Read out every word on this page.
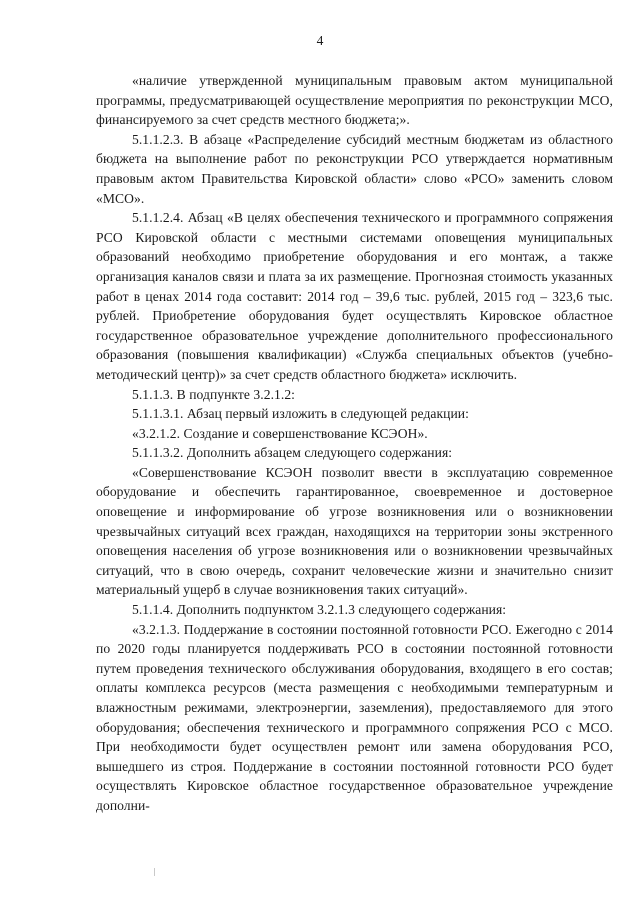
4

«наличие утвержденной муниципальным правовым актом муниципальной программы, предусматривающей осуществление мероприятия по реконструкции МСО, финансируемого за счет средств местного бюджета;».

5.1.1.2.3. В абзаце «Распределение субсидий местным бюджетам из областного бюджета на выполнение работ по реконструкции РСО утверждается нормативным правовым актом Правительства Кировской области» слово «РСО» заменить словом «МСО».

5.1.1.2.4. Абзац «В целях обеспечения технического и программного сопряжения РСО Кировской области с местными системами оповещения муниципальных образований необходимо приобретение оборудования и его монтаж, а также организация каналов связи и плата за их размещение. Прогнозная стоимость указанных работ в ценах 2014 года составит: 2014 год – 39,6 тыс. рублей, 2015 год – 323,6 тыс. рублей. Приобретение оборудования будет осуществлять Кировское областное государственное образовательное учреждение дополнительного профессионального образования (повышения квалификации) «Служба специальных объектов (учебно-методический центр)» за счет средств областного бюджета» исключить.

5.1.1.3. В подпункте 3.2.1.2:

5.1.1.3.1. Абзац первый изложить в следующей редакции:

«3.2.1.2. Создание и совершенствование КСЭОН».

5.1.1.3.2. Дополнить абзацем следующего содержания:

«Совершенствование КСЭОН позволит ввести в эксплуатацию современное оборудование и обеспечить гарантированное, своевременное и достоверное оповещение и информирование об угрозе возникновения или о возникновении чрезвычайных ситуаций всех граждан, находящихся на территории зоны экстренного оповещения населения об угрозе возникновения или о возникновении чрезвычайных ситуаций, что в свою очередь, сохранит человеческие жизни и значительно снизит материальный ущерб в случае возникновения таких ситуаций».

5.1.1.4. Дополнить подпунктом 3.2.1.3 следующего содержания:

«3.2.1.3. Поддержание в состоянии постоянной готовности РСО. Ежегодно с 2014 по 2020 годы планируется поддерживать РСО в состоянии постоянной готовности путем проведения технического обслуживания оборудования, входящего в его состав; оплаты комплекса ресурсов (места размещения с необходимыми температурным и влажностным режимами, электроэнергии, заземления), предоставляемого для этого оборудования; обеспечения технического и программного сопряжения РСО с МСО. При необходимости будет осуществлен ремонт или замена оборудования РСО, вышедшего из строя. Поддержание в состоянии постоянной готовности РСО будет осуществлять Кировское областное государственное образовательное учреждение дополни-
